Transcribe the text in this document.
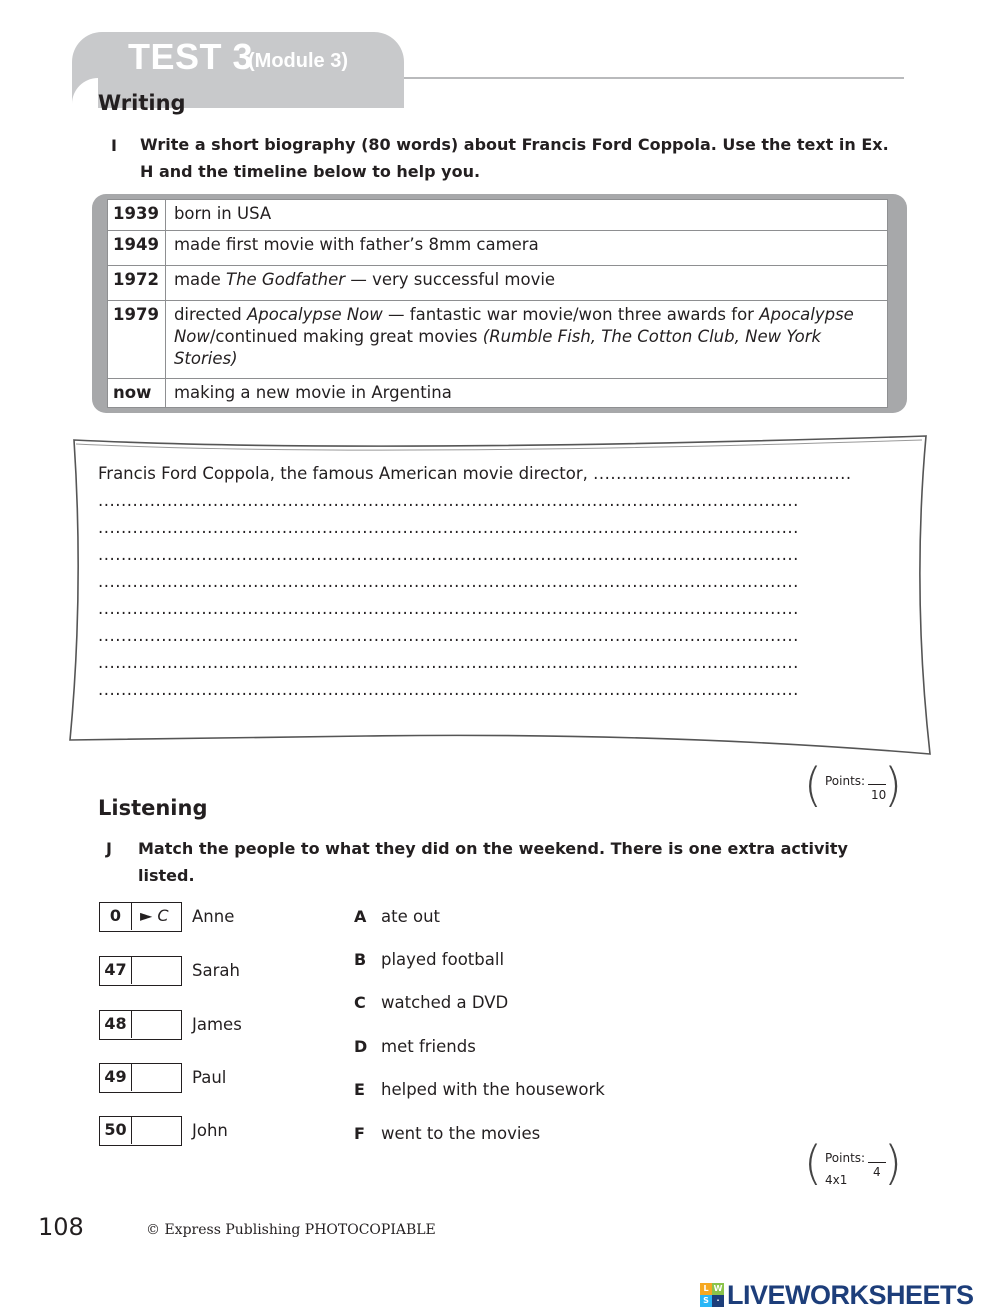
TEST 3
(Module 3)
Writing
I Write a short biography (80 words) about Francis Ford Coppola. Use the text in Ex. H and the timeline below to help you.
1939	born in USA
1949	made first movie with father’s 8mm camera
1972	made The Godfather — very successful movie
1979	directed Apocalypse Now — fantastic war movie/won three awards for Apocalypse Now/continued making great movies (Rumble Fish, The Cotton Club, New York Stories)
now	making a new movie in Argentina
Francis Ford Coppola, the famous American movie director, .............................................
..........................................................................................................................
..........................................................................................................................
..........................................................................................................................
..........................................................................................................................
..........................................................................................................................
..........................................................................................................................
..........................................................................................................................
..........................................................................................................................
( Points:
10
)
Listening
J Match the people to what they did on the weekend. There is one extra activity listed.
0	► C	Anne
47	Sarah
48	James
49	Paul
50	John
A ate out
B played football
C watched a DVD
D met friends
E helped with the housework
F went to the movies
( Points:
4
4x1 )
108	© Express Publishing PHOTOCOPIABLE
L W
S · LIVEWORKSHEETS
